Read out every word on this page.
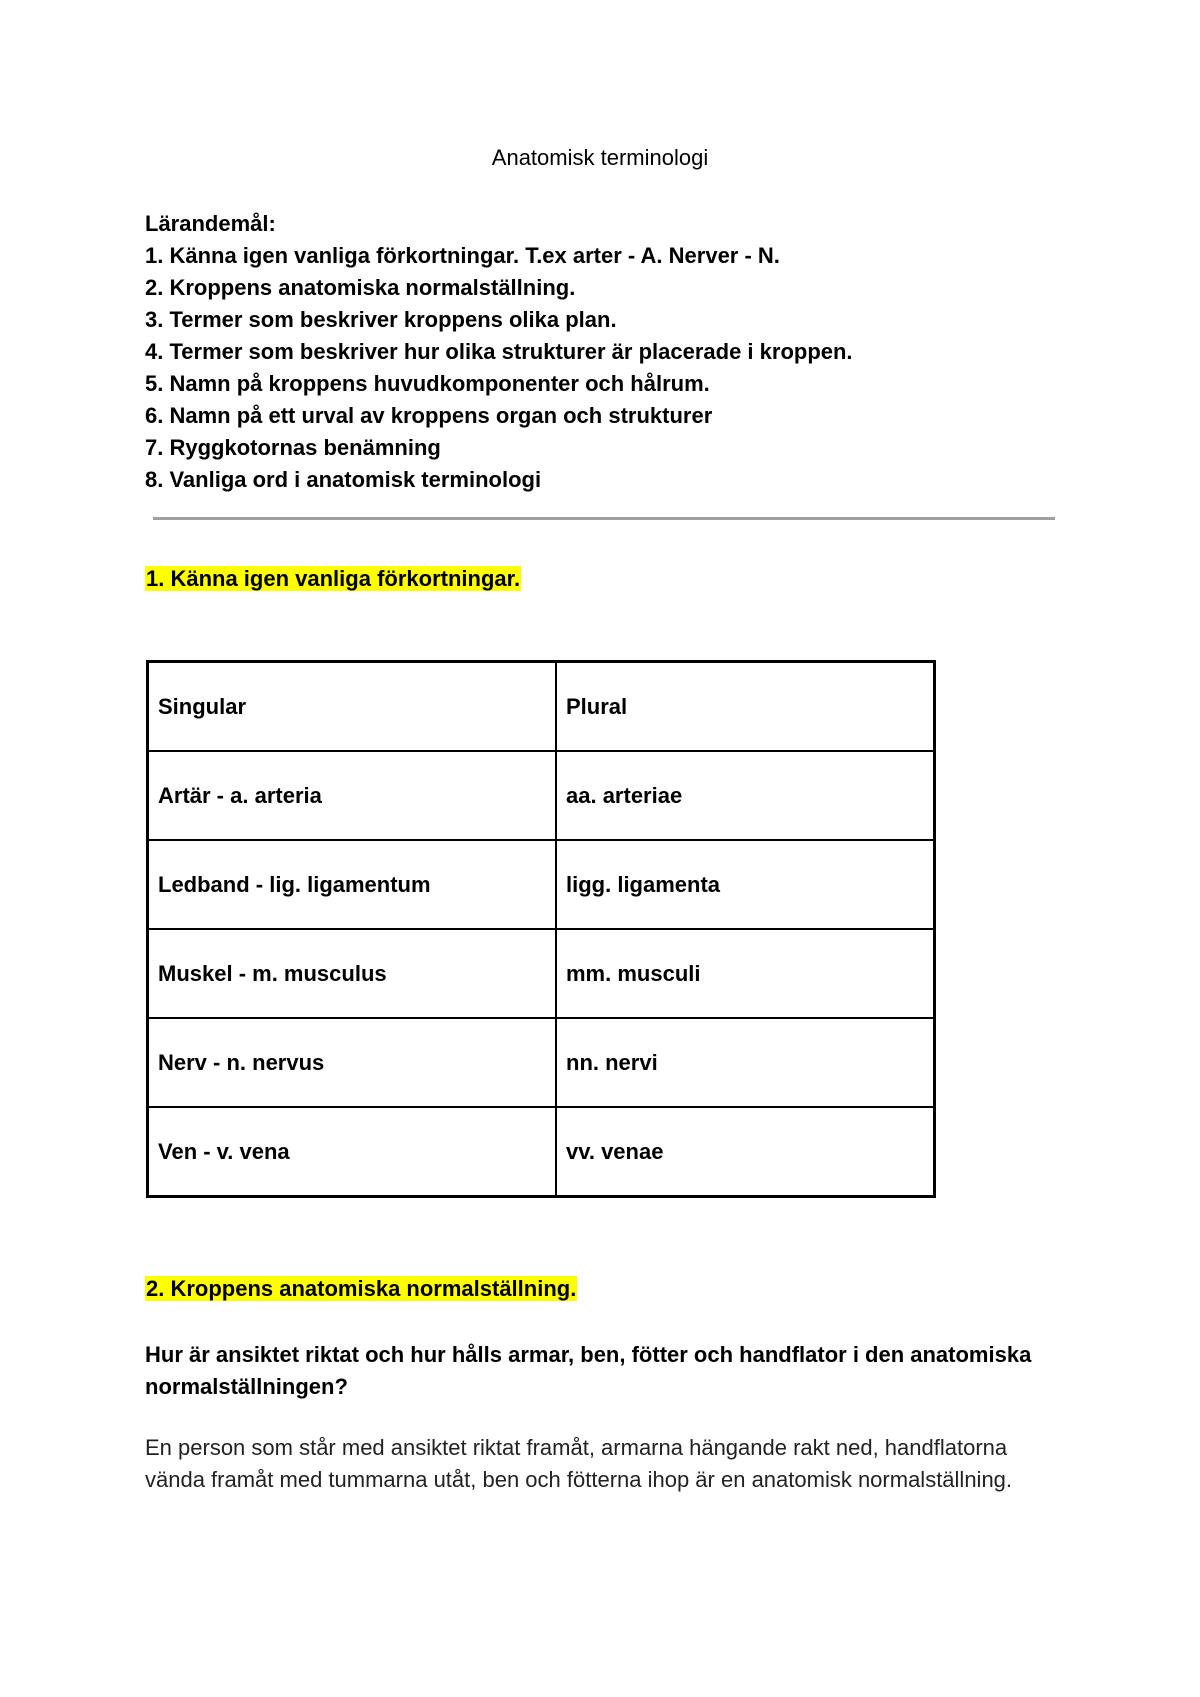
Anatomisk terminologi

Lärandemål:

1. Känna igen vanliga förkortningar. T.ex arter - A. Nerver - N.
2. Kroppens anatomiska normalställning.
3. Termer som beskriver kroppens olika plan.
4. Termer som beskriver hur olika strukturer är placerade i kroppen.
5. Namn på kroppens huvudkomponenter och hålrum.
6. Namn på ett urval av kroppens organ och strukturer
7. Ryggkotornas benämning
8. Vanliga ord i anatomisk terminologi
1. Känna igen vanliga förkortningar.
Singular	Plural
Artär - a. arteria	aa. arteriae
Ledband - lig. ligamentum	ligg. ligamenta
Muskel - m. musculus	mm. musculi
Nerv - n. nervus	nn. nervi
Ven - v. vena	vv. venae
2. Kroppens anatomiska normalställning.
Hur är ansiktet riktat och hur hålls armar, ben, fötter och handflator i den anatomiska normalställningen?
En person som står med ansiktet riktat framåt, armarna hängande rakt ned, handflatorna vända framåt med tummarna utåt, ben och fötterna ihop är en anatomisk normalställning.
